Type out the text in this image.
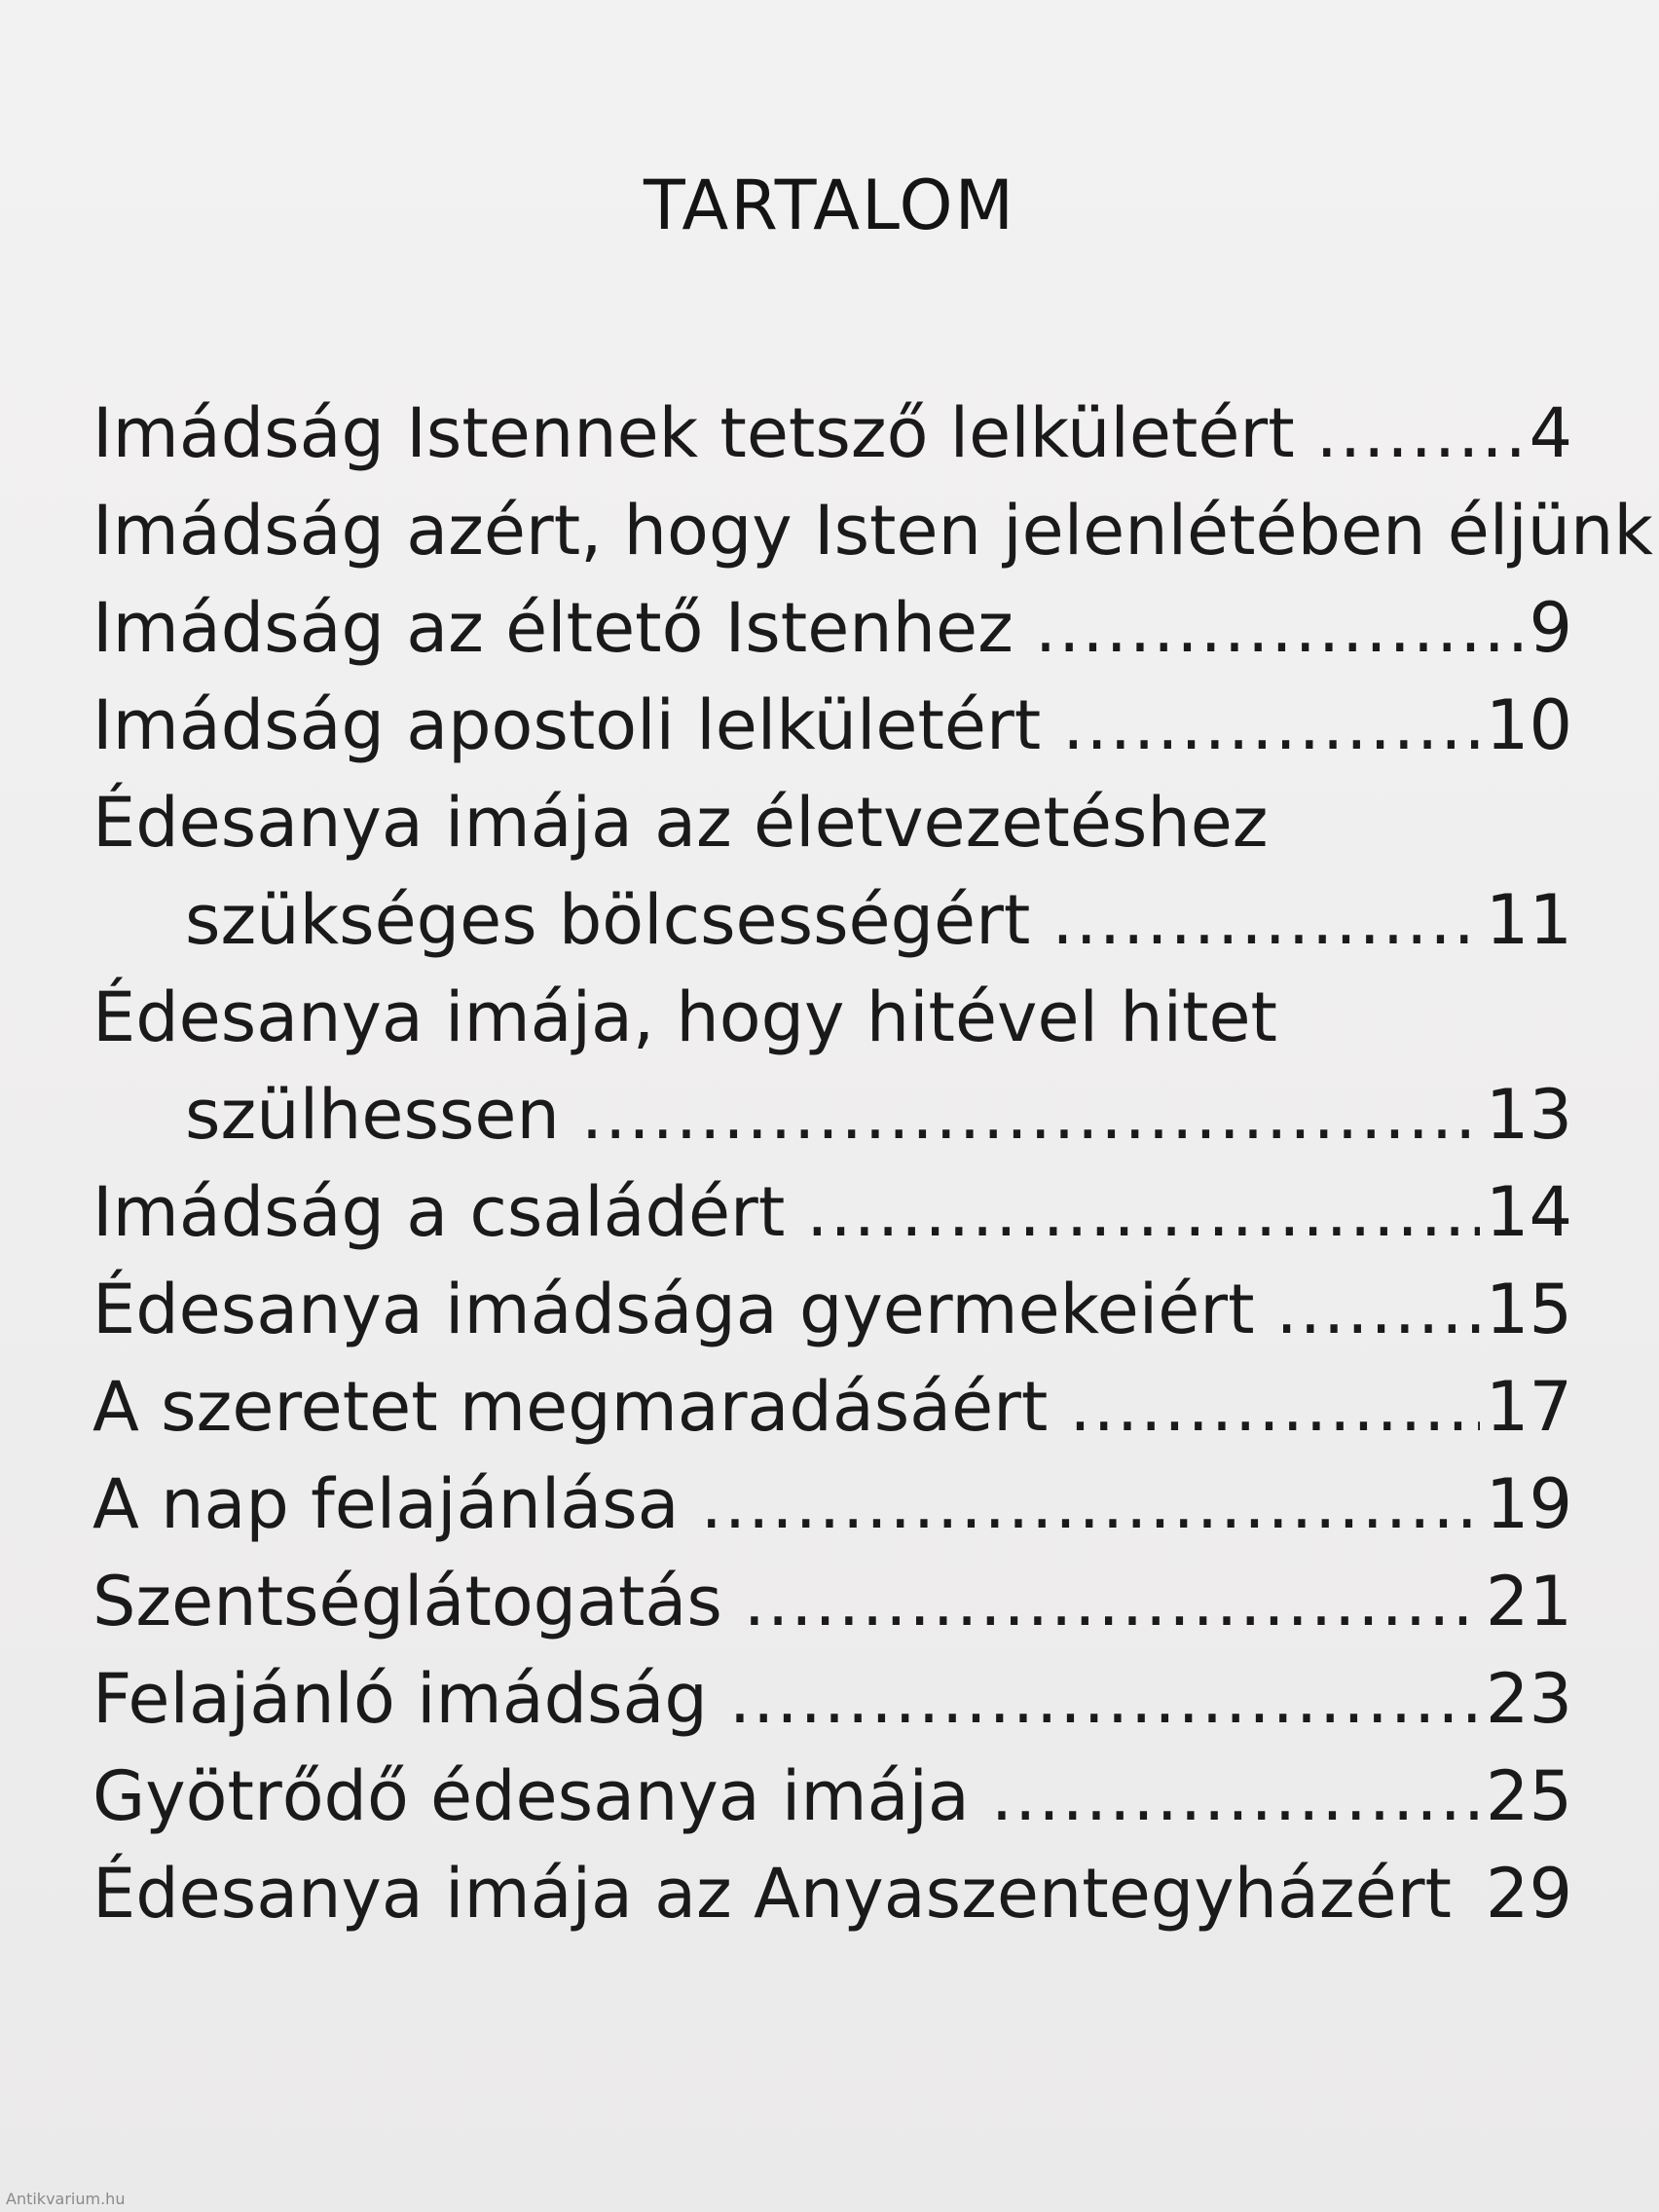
TARTALOM
Imádság Istennek tetsző lelkületért .....	4
Imádság azért, hogy Isten jelenlétében éljünk
Imádság az éltető Istenhez .....	9
Imádság apostoli lelkületért .....	10
Édesanya imája az életvezetéshez
szükséges bölcsességért .....	11
Édesanya imája, hogy hitével hitet
szülhessen .....	13
Imádság a családért .....	14
Édesanya imádsága gyermekeiért .....	15
A szeretet megmaradásáért .....	17
A nap felajánlása .....	19
Szentséglátogatás .....	21
Felajánló imádság .....	23
Gyötrődő édesanya imája .....	25
Édesanya imája az Anyaszentegyházért ..... 29
Antikvarium.hu
